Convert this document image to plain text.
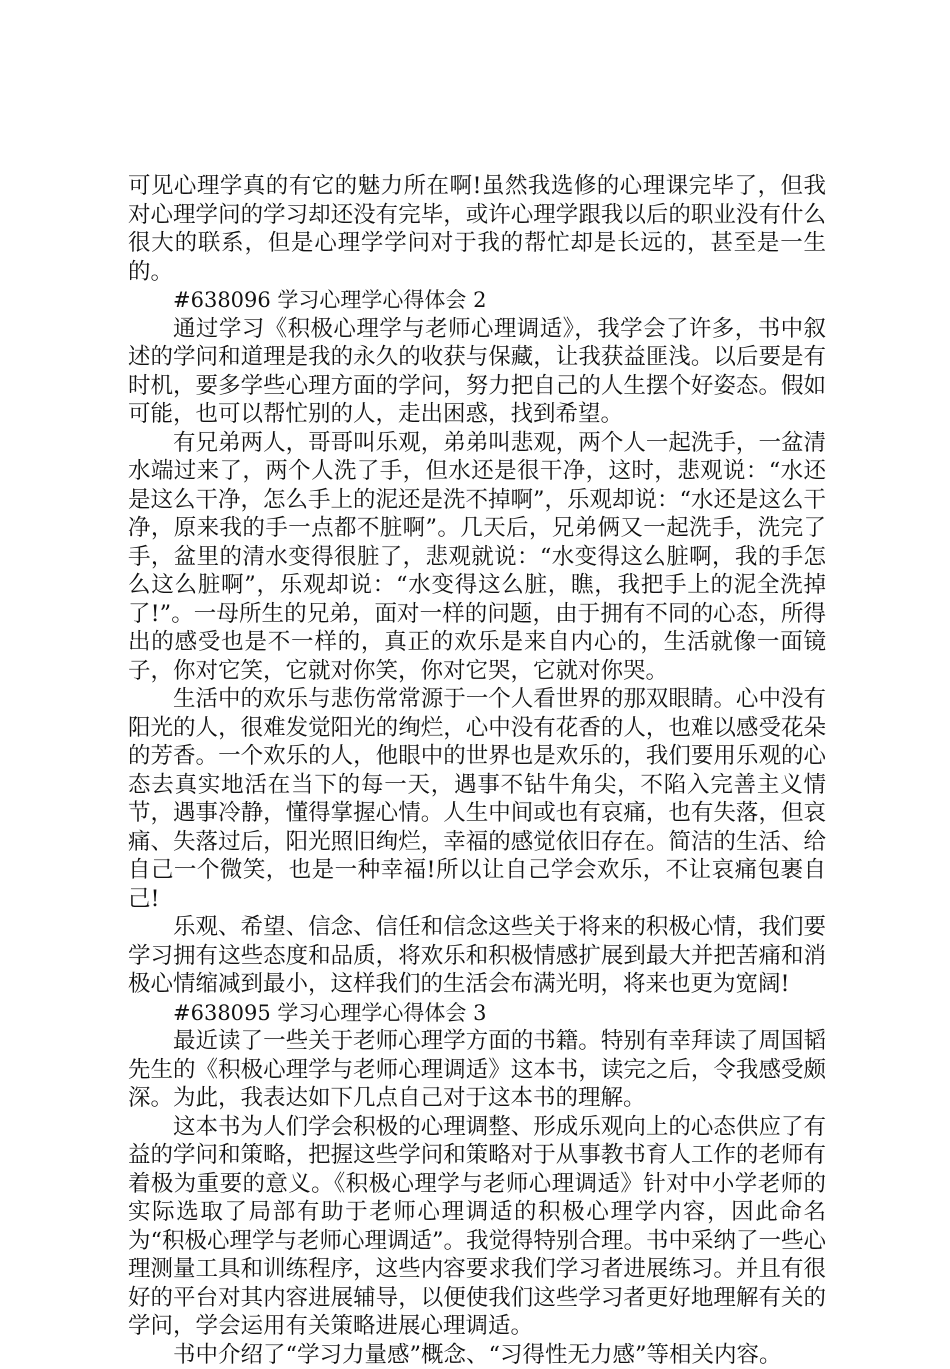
可见心理学真的有它的魅力所在啊!虽然我选修的心理课完毕了，但我对心理学问的学习却还没有完毕，或许心理学跟我以后的职业没有什么很大的联系，但是心理学学问对于我的帮忙却是长远的，甚至是一生的。

#638096 学习心理学心得体会 2

通过学习《积极心理学与老师心理调适》，我学会了许多，书中叙述的学问和道理是我的永久的收获与保藏，让我获益匪浅。以后要是有时机，要多学些心理方面的学问，努力把自己的人生摆个好姿态。假如可能，也可以帮忙别的人，走出困惑，找到希望。

有兄弟两人，哥哥叫乐观，弟弟叫悲观，两个人一起洗手，一盆清水端过来了，两个人洗了手，但水还是很干净，这时，悲观说：“水还是这么干净，怎么手上的泥还是洗不掉啊”，乐观却说：“水还是这么干净，原来我的手一点都不脏啊”。几天后，兄弟俩又一起洗手，洗完了手，盆里的清水变得很脏了，悲观就说：“水变得这么脏啊，我的手怎么这么脏啊”，乐观却说：“水变得这么脏，瞧，我把手上的泥全洗掉了!”。一母所生的兄弟，面对一样的问题，由于拥有不同的心态，所得出的感受也是不一样的，真正的欢乐是来自内心的，生活就像一面镜子，你对它笑，它就对你笑，你对它哭，它就对你哭。

生活中的欢乐与悲伤常常源于一个人看世界的那双眼睛。心中没有阳光的人，很难发觉阳光的绚烂，心中没有花香的人，也难以感受花朵的芳香。一个欢乐的人，他眼中的世界也是欢乐的，我们要用乐观的心态去真实地活在当下的每一天，遇事不钻牛角尖，不陷入完善主义情节，遇事冷静，懂得掌握心情。人生中间或也有哀痛，也有失落，但哀痛、失落过后，阳光照旧绚烂，幸福的感觉依旧存在。简洁的生活、给自己一个微笑，也是一种幸福!所以让自己学会欢乐，不让哀痛包裹自己!

乐观、希望、信念、信任和信念这些关于将来的积极心情，我们要学习拥有这些态度和品质，将欢乐和积极情感扩展到最大并把苦痛和消极心情缩减到最小，这样我们的生活会布满光明，将来也更为宽阔!

#638095 学习心理学心得体会 3

最近读了一些关于老师心理学方面的书籍。特别有幸拜读了周国韬先生的《积极心理学与老师心理调适》这本书，读完之后，令我感受颇深。为此，我表达如下几点自己对于这本书的理解。

这本书为人们学会积极的心理调整、形成乐观向上的心态供应了有益的学问和策略，把握这些学问和策略对于从事教书育人工作的老师有着极为重要的意义。《积极心理学与老师心理调适》针对中小学老师的实际选取了局部有助于老师心理调适的积极心理学内容，因此命名为“积极心理学与老师心理调适”。我觉得特别合理。书中采纳了一些心理测量工具和训练程序，这些内容要求我们学习者进展练习。并且有很好的平台对其内容进展辅导，以便使我们这些学习者更好地理解有关的学问，学会运用有关策略进展心理调适。

书中介绍了“学习力量感”概念、“习得性无力感”等相关内容。
